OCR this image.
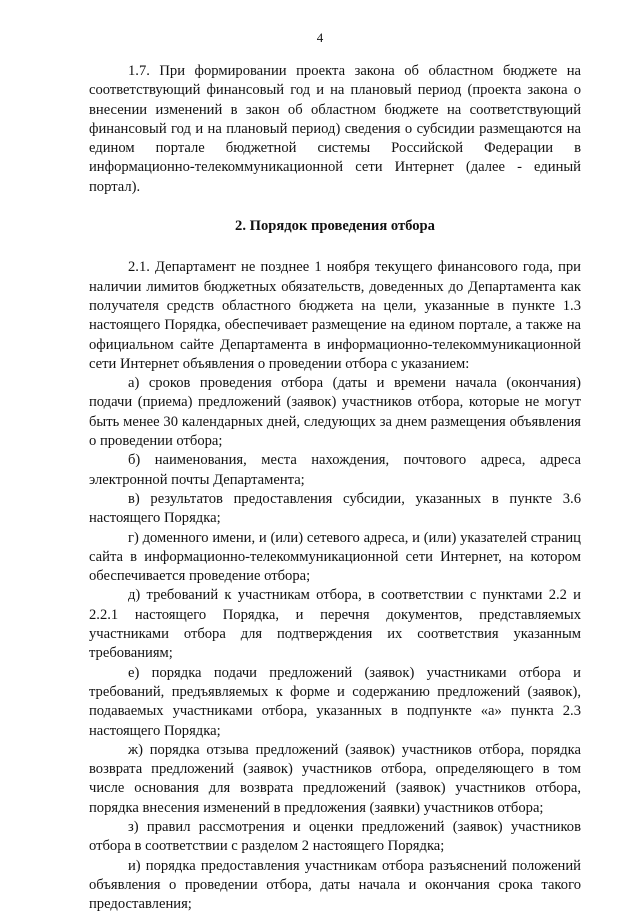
4

1.7. При формировании проекта закона об областном бюджете на соответствующий финансовый год и на плановый период (проекта закона о внесении изменений в закон об областном бюджете на соответствующий финансовый год и на плановый период) сведения о субсидии размещаются на едином портале бюджетной системы Российской Федерации в информационно-телекоммуникационной сети Интернет (далее - единый портал).

2. Порядок проведения отбора

2.1. Департамент не позднее 1 ноября текущего финансового года, при наличии лимитов бюджетных обязательств, доведенных до Департамента как получателя средств областного бюджета на цели, указанные в пункте 1.3 настоящего Порядка, обеспечивает размещение на едином портале, а также на официальном сайте Департамента в информационно-телекоммуникационной сети Интернет объявления о проведении отбора с указанием:

а) сроков проведения отбора (даты и времени начала (окончания) подачи (приема) предложений (заявок) участников отбора, которые не могут быть менее 30 календарных дней, следующих за днем размещения объявления о проведении отбора;

б) наименования, места нахождения, почтового адреса, адреса электронной почты Департамента;

в) результатов предоставления субсидии, указанных в пункте 3.6 настоящего Порядка;

г) доменного имени, и (или) сетевого адреса, и (или) указателей страниц сайта в информационно-телекоммуникационной сети Интернет, на котором обеспечивается проведение отбора;

д) требований к участникам отбора, в соответствии с пунктами 2.2 и 2.2.1 настоящего Порядка, и перечня документов, представляемых участниками отбора для подтверждения их соответствия указанным требованиям;

е) порядка подачи предложений (заявок) участниками отбора и требований, предъявляемых к форме и содержанию предложений (заявок), подаваемых участниками отбора, указанных в подпункте «а» пункта 2.3 настоящего Порядка;

ж) порядка отзыва предложений (заявок) участников отбора, порядка возврата предложений (заявок) участников отбора, определяющего в том числе основания для возврата предложений (заявок) участников отбора, порядка внесения изменений в предложения (заявки) участников отбора;

з) правил рассмотрения и оценки предложений (заявок) участников отбора в соответствии с разделом 2 настоящего Порядка;

и) порядка предоставления участникам отбора разъяснений положений объявления о проведении отбора, даты начала и окончания срока такого предоставления;
